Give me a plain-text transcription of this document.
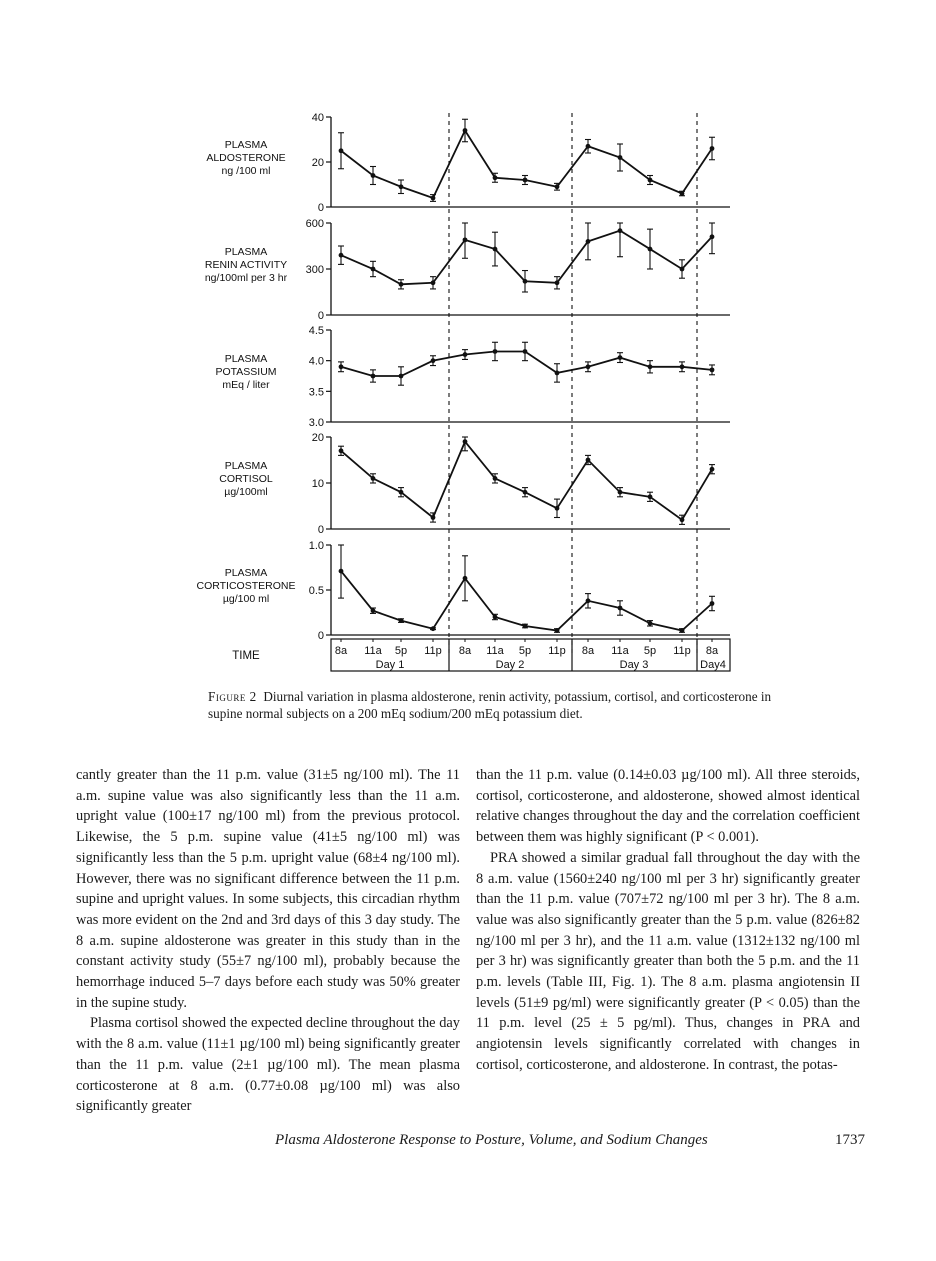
0
20
40
PLASMA
ALDOSTERONE
ng /100 ml
0
300
600
PLASMA
RENIN ACTIVITY
ng/100ml per 3 hr
3.0
3.5
4.0
4.5
PLASMA
POTASSIUM
mEq / liter
0
10
20
PLASMA
CORTISOL
µg/100ml
0
0.5
1.0
PLASMA
CORTICOSTERONE
µg/100 ml
8a 11a 5p 11p 8a 11a 5p 11p 8a 11a 5p 11p 8a
Day 1	Day 2	Day 3	Day4
TIME
Figure 2 Diurnal variation in plasma aldosterone, renin activity, potassium, cortisol, and corticosterone in supine normal subjects on a 200 mEq sodium/200 mEq potassium diet.

cantly greater than the 11 p.m. value (31±5 ng/100 ml). The 11 a.m. supine value was also significantly less than the 11 a.m. upright value (100±17 ng/100 ml) from the previous protocol. Likewise, the 5 p.m. supine value (41±5 ng/100 ml) was significantly less than the 5 p.m. upright value (68±4 ng/100 ml). However, there was no significant difference between the 11 p.m. supine and upright values. In some subjects, this circadian rhythm was more evident on the 2nd and 3rd days of this 3 day study. The 8 a.m. supine aldosterone was greater in this study than in the constant activity study (55±7 ng/100 ml), probably because the hemorrhage induced 5–7 days before each study was 50% greater in the supine study.

Plasma cortisol showed the expected decline throughout the day with the 8 a.m. value (11±1 µg/100 ml) being significantly greater than the 11 p.m. value (2±1 µg/100 ml). The mean plasma corticosterone at 8 a.m. (0.77±0.08 µg/100 ml) was also significantly greater

than the 11 p.m. value (0.14±0.03 µg/100 ml). All three steroids, cortisol, corticosterone, and aldosterone, showed almost identical relative changes throughout the day and the correlation coefficient between them was highly significant (P < 0.001).

PRA showed a similar gradual fall throughout the day with the 8 a.m. value (1560±240 ng/100 ml per 3 hr) significantly greater than the 11 p.m. value (707±72 ng/100 ml per 3 hr). The 8 a.m. value was also significantly greater than the 5 p.m. value (826±82 ng/100 ml per 3 hr), and the 11 a.m. value (1312±132 ng/100 ml per 3 hr) was significantly greater than both the 5 p.m. and the 11 p.m. levels (Table III, Fig. 1). The 8 a.m. plasma angiotensin II levels (51±9 pg/ml) were significantly greater (P < 0.05) than the 11 p.m. level (25 ± 5 pg/ml). Thus, changes in PRA and angiotensin levels significantly correlated with changes in cortisol, corticosterone, and aldosterone. In contrast, the potas-

Plasma Aldosterone Response to Posture, Volume, and Sodium Changes	1737
